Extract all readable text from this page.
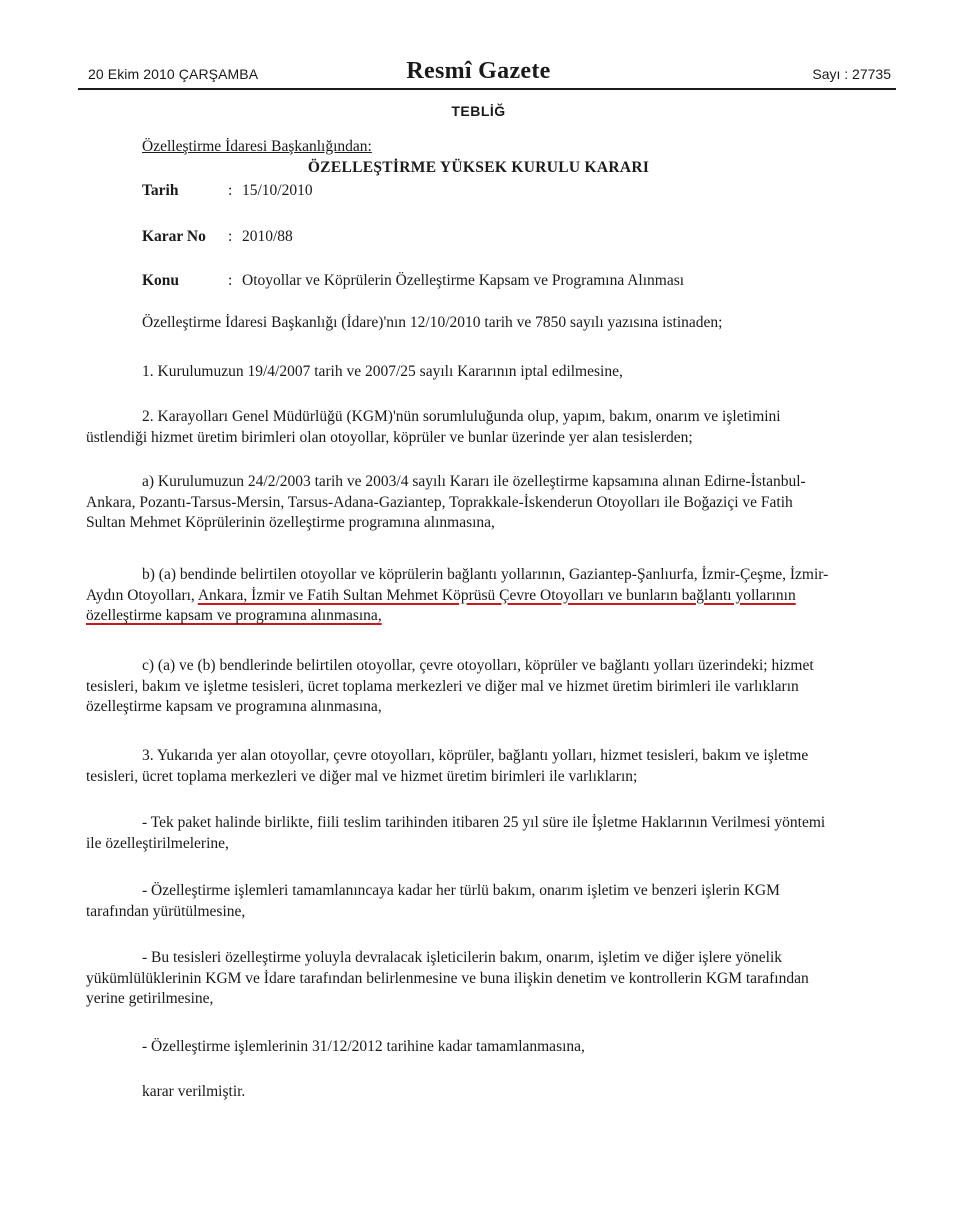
20 Ekim 2010 ÇARŞAMBA	Resmî Gazete	Sayı : 27735
TEBLİĞ
Özelleştirme İdaresi Başkanlığından:
ÖZELLEŞTİRME YÜKSEK KURULU KARARI
Tarih	: 15/10/2010
Karar No : 2010/88
Konu	: Otoyollar ve Köprülerin Özelleştirme Kapsam ve Programına Alınması

Özelleştirme İdaresi Başkanlığı (İdare)'nın 12/10/2010 tarih ve 7850 sayılı yazısına istinaden;

1. Kurulumuzun 19/4/2007 tarih ve 2007/25 sayılı Kararının iptal edilmesine,

2. Karayolları Genel Müdürlüğü (KGM)'nün sorumluluğunda olup, yapım, bakım, onarım ve işletimini
üstlendiği hizmet üretim birimleri olan otoyollar, köprüler ve bunlar üzerinde yer alan tesislerden;

a) Kurulumuzun 24/2/2003 tarih ve 2003/4 sayılı Kararı ile özelleştirme kapsamına alınan Edirne-İstanbul-
Ankara, Pozantı-Tarsus-Mersin, Tarsus-Adana-Gaziantep, Toprakkale-İskenderun Otoyolları ile Boğaziçi ve Fatih
Sultan Mehmet Köprülerinin özelleştirme programına alınmasına,

b) (a) bendinde belirtilen otoyollar ve köprülerin bağlantı yollarının, Gaziantep-Şanlıurfa, İzmir-Çeşme, İzmir-
Aydın Otoyolları, Ankara, İzmir ve Fatih Sultan Mehmet Köprüsü Çevre Otoyolları ve bunların bağlantı yollarının
özelleştirme kapsam ve programına alınmasına,

c) (a) ve (b) bendlerinde belirtilen otoyollar, çevre otoyolları, köprüler ve bağlantı yolları üzerindeki; hizmet
tesisleri, bakım ve işletme tesisleri, ücret toplama merkezleri ve diğer mal ve hizmet üretim birimleri ile varlıkların
özelleştirme kapsam ve programına alınmasına,

3. Yukarıda yer alan otoyollar, çevre otoyolları, köprüler, bağlantı yolları, hizmet tesisleri, bakım ve işletme
tesisleri, ücret toplama merkezleri ve diğer mal ve hizmet üretim birimleri ile varlıkların;

- Tek paket halinde birlikte, fiili teslim tarihinden itibaren 25 yıl süre ile İşletme Haklarının Verilmesi yöntemi
ile özelleştirilmelerine,

- Özelleştirme işlemleri tamamlanıncaya kadar her türlü bakım, onarım işletim ve benzeri işlerin KGM
tarafından yürütülmesine,

- Bu tesisleri özelleştirme yoluyla devralacak işleticilerin bakım, onarım, işletim ve diğer işlere yönelik
yükümlülüklerinin KGM ve İdare tarafından belirlenmesine ve buna ilişkin denetim ve kontrollerin KGM tarafından
yerine getirilmesine,

- Özelleştirme işlemlerinin 31/12/2012 tarihine kadar tamamlanmasına,

karar verilmiştir.
